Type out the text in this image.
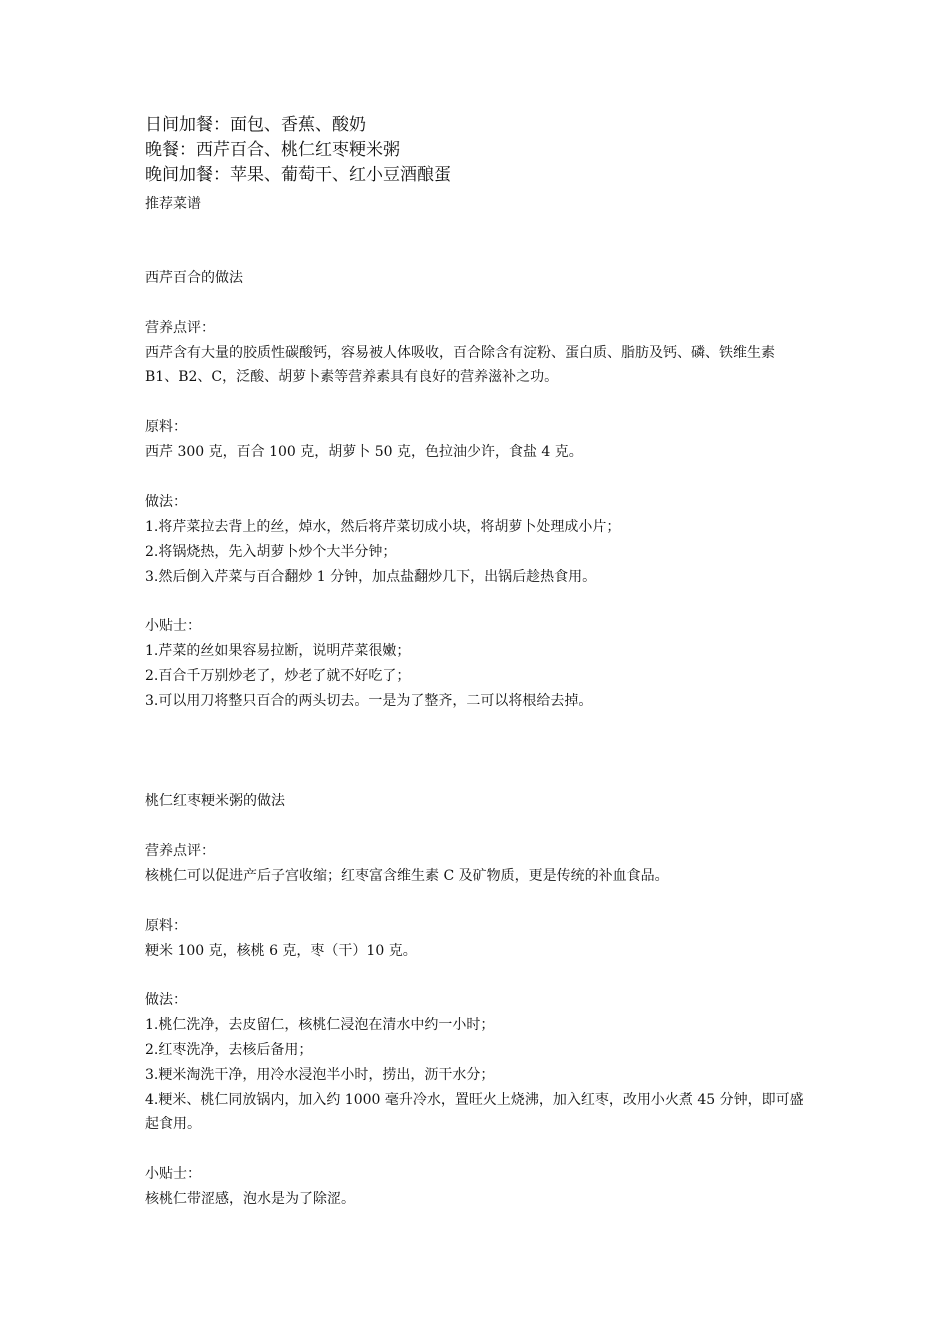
日间加餐：面包、香蕉、酸奶
晚餐：西芹百合、桃仁红枣粳米粥
晚间加餐：苹果、葡萄干、红小豆酒酿蛋
推荐菜谱
西芹百合的做法
营养点评：
西芹含有大量的胶质性碳酸钙，容易被人体吸收，百合除含有淀粉、蛋白质、脂肪及钙、磷、铁维生素 B1、B2、C，泛酸、胡萝卜素等营养素具有良好的营养滋补之功。
原料：
西芹 300 克，百合 100 克，胡萝卜 50 克，色拉油少许，食盐 4 克。
做法：
1.将芹菜拉去背上的丝，焯水，然后将芹菜切成小块，将胡萝卜处理成小片；
2.将锅烧热，先入胡萝卜炒个大半分钟；
3.然后倒入芹菜与百合翻炒 1 分钟，加点盐翻炒几下，出锅后趁热食用。
小贴士：
1.芹菜的丝如果容易拉断，说明芹菜很嫩；
2.百合千万别炒老了，炒老了就不好吃了；
3.可以用刀将整只百合的两头切去。一是为了整齐，二可以将根给去掉。
桃仁红枣粳米粥的做法
营养点评：
核桃仁可以促进产后子宫收缩；红枣富含维生素 C 及矿物质，更是传统的补血食品。
原料：
粳米 100 克，核桃 6 克，枣（干）10 克。
做法：
1.桃仁洗净，去皮留仁，核桃仁浸泡在清水中约一小时；
2.红枣洗净，去核后备用；
3.粳米淘洗干净，用冷水浸泡半小时，捞出，沥干水分；
4.粳米、桃仁同放锅内，加入约 1000 毫升冷水，置旺火上烧沸，加入红枣，改用小火煮 45 分钟，即可盛起食用。
小贴士：
核桃仁带涩感，泡水是为了除涩。
